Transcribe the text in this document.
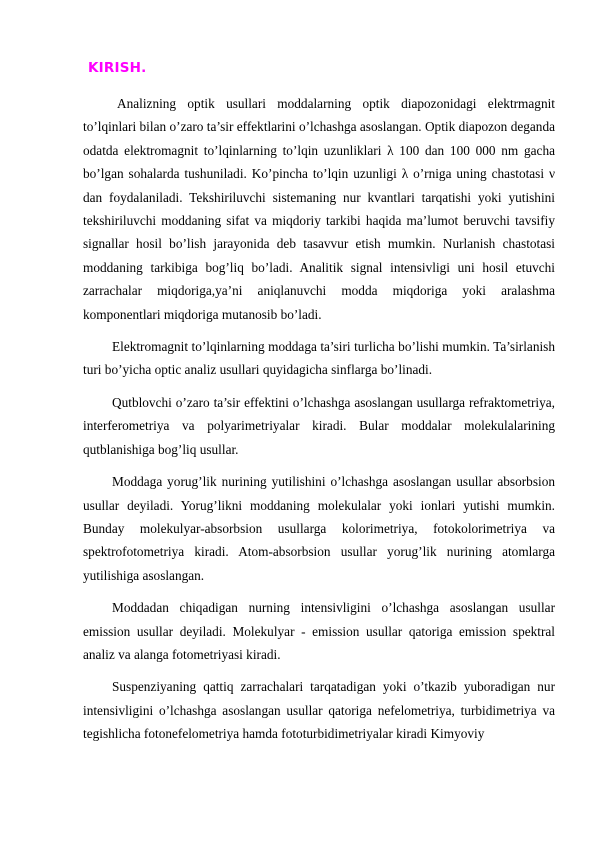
KIRISH.

Analizning optik usullari moddalarning optik diapozonidagi elektrmagnit to’lqinlari bilan o’zaro ta’sir effektlarini o’lchashga asoslangan. Optik diapozon deganda odatda elektromagnit to’lqinlarning to’lqin uzunliklari λ 100 dan 100 000 nm gacha bo’lgan sohalarda tushuniladi. Ko’pincha to’lqin uzunligi λ o’rniga uning chastotasi ν dan foydalaniladi. Tekshiriluvchi sistemaning nur kvantlari tarqatishi yoki yutishini tekshiriluvchi moddaning sifat va miqdoriy tarkibi haqida ma’lumot beruvchi tavsifiy signallar hosil bo’lish jarayonida deb tasavvur etish mumkin. Nurlanish chastotasi moddaning tarkibiga bog’liq bo’ladi. Analitik signal intensivligi uni hosil etuvchi zarrachalar miqdoriga,ya’ni aniqlanuvchi modda miqdoriga yoki aralashma komponentlari miqdoriga mutanosib bo’ladi.

Elektromagnit to’lqinlarning moddaga ta’siri turlicha bo’lishi mumkin. Ta’sirlanish turi bo’yicha optic analiz usullari quyidagicha sinflarga bo’linadi.

Qutblovchi o’zaro ta’sir effektini o’lchashga asoslangan usullarga refraktometriya, interferometriya va polyarimetriyalar kiradi. Bular moddalar molekulalarining qutblanishiga bog’liq usullar.

Moddaga yorug’lik nurining yutilishini o’lchashga asoslangan usullar absorbsion usullar deyiladi. Yorug’likni moddaning molekulalar yoki ionlari yutishi mumkin. Bunday molekulyar-absorbsion usullarga kolorimetriya, fotokolorimetriya va spektrofotometriya kiradi. Atom-absorbsion usullar yorug’lik nurining atomlarga yutilishiga asoslangan.

Moddadan chiqadigan nurning intensivligini o’lchashga asoslangan usullar emission usullar deyiladi. Molekulyar - emission usullar qatoriga emission spektral analiz va alanga fotometriyasi kiradi.

Suspenziyaning qattiq zarrachalari tarqatadigan yoki o’tkazib yuboradigan nur intensivligini o’lchashga asoslangan usullar qatoriga nefelometriya, turbidimetriya va tegishlicha fotonefelometriya hamda fototurbidimetriyalar kiradi Kimyoviy
